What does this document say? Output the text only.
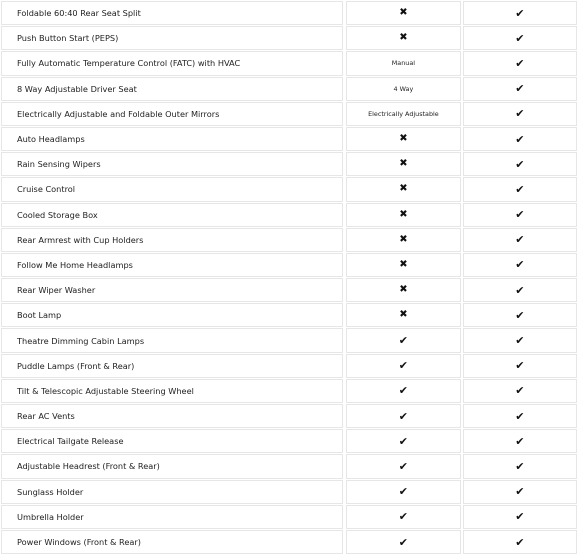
Foldable 60:40 Rear Seat Split	✖	✔
Push Button Start (PEPS)	✖	✔
Fully Automatic Temperature Control (FATC) with HVAC	Manual	✔
8 Way Adjustable Driver Seat	4 Way	✔
Electrically Adjustable and Foldable Outer Mirrors	Electrically Adjustable	✔
Auto Headlamps	✖	✔
Rain Sensing Wipers	✖	✔
Cruise Control	✖	✔
Cooled Storage Box	✖	✔
Rear Armrest with Cup Holders	✖	✔
Follow Me Home Headlamps	✖	✔
Rear Wiper Washer	✖	✔
Boot Lamp	✖	✔
Theatre Dimming Cabin Lamps	✔	✔
Puddle Lamps (Front & Rear)	✔	✔
Tilt & Telescopic Adjustable Steering Wheel	✔	✔
Rear AC Vents	✔	✔
Electrical Tailgate Release	✔	✔
Adjustable Headrest (Front & Rear)	✔	✔
Sunglass Holder	✔	✔
Umbrella Holder	✔	✔
Power Windows (Front & Rear)	✔	✔
